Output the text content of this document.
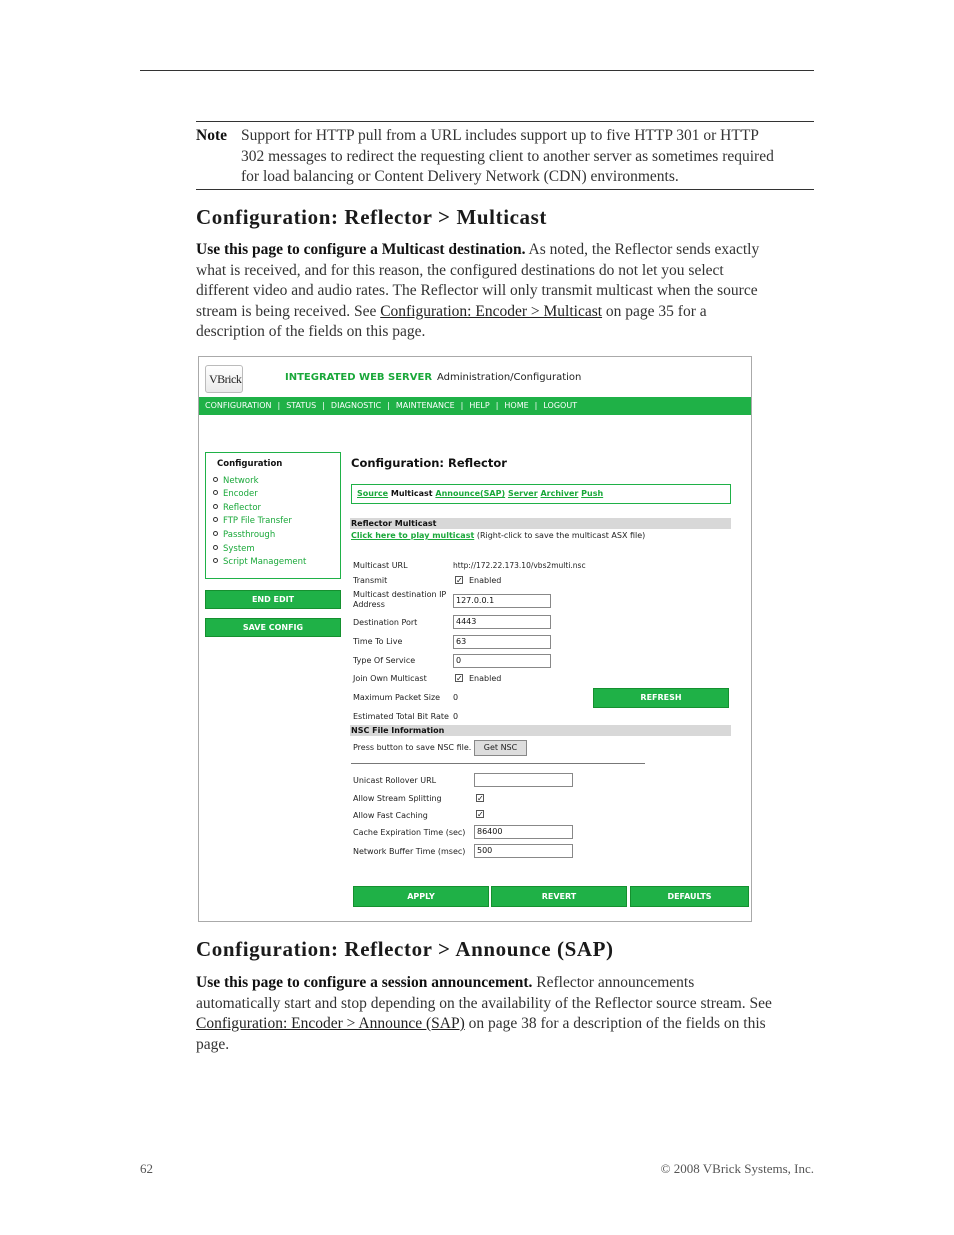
Note Support for HTTP pull from a URL includes support up to five HTTP 301 or HTTP
302 messages to redirect the requesting client to another server as sometimes required
for load balancing or Content Delivery Network (CDN) environments.
Configuration: Reflector > Multicast
Use this page to configure a Multicast destination. As noted, the Reflector sends exactly
what is received, and for this reason, the configured destinations do not let you select
different video and audio rates. The Reflector will only transmit multicast when the source
stream is being received. See Configuration: Encoder > Multicast on page 35 for a
description of the fields on this page.
VBrick	INTEGRATED WEB SERVER Administration/Configuration
CONFIGURATION | STATUS | DIAGNOSTIC | MAINTENANCE | HELP | HOME | LOGOUT
Configuration
Network
Encoder
Reflector
FTP File Transfer
Passthrough
System
Script Management
END EDIT
SAVE CONFIG
Configuration: Reflector
Source Multicast Announce(SAP) Server Archiver Push
Reflector Multicast
Click here to play multicast (Right-click to save the multicast ASX file)
Multicast URL	http://172.22.173.10/vbs2multi.nsc
Transmit	✓ Enabled
Multicast destination IP
Address	127.0.0.1
Destination Port	4443
Time To Live	63
Type Of Service	0
Join Own Multicast	✓ Enabled
Maximum Packet Size 0	REFRESH
Estimated Total Bit Rate 0
NSC File Information
Press button to save NSC file.	Get NSC
Unicast Rollover URL
Allow Stream Splitting	✓
Allow Fast Caching	✓
Cache Expiration Time (sec)	86400
Network Buffer Time (msec)	500
APPLY	REVERT	DEFAULTS
Configuration: Reflector > Announce (SAP)
Use this page to configure a session announcement. Reflector announcements
automatically start and stop depending on the availability of the Reflector source stream. See
Configuration: Encoder > Announce (SAP) on page 38 for a description of the fields on this
page.
62	© 2008 VBrick Systems, Inc.
